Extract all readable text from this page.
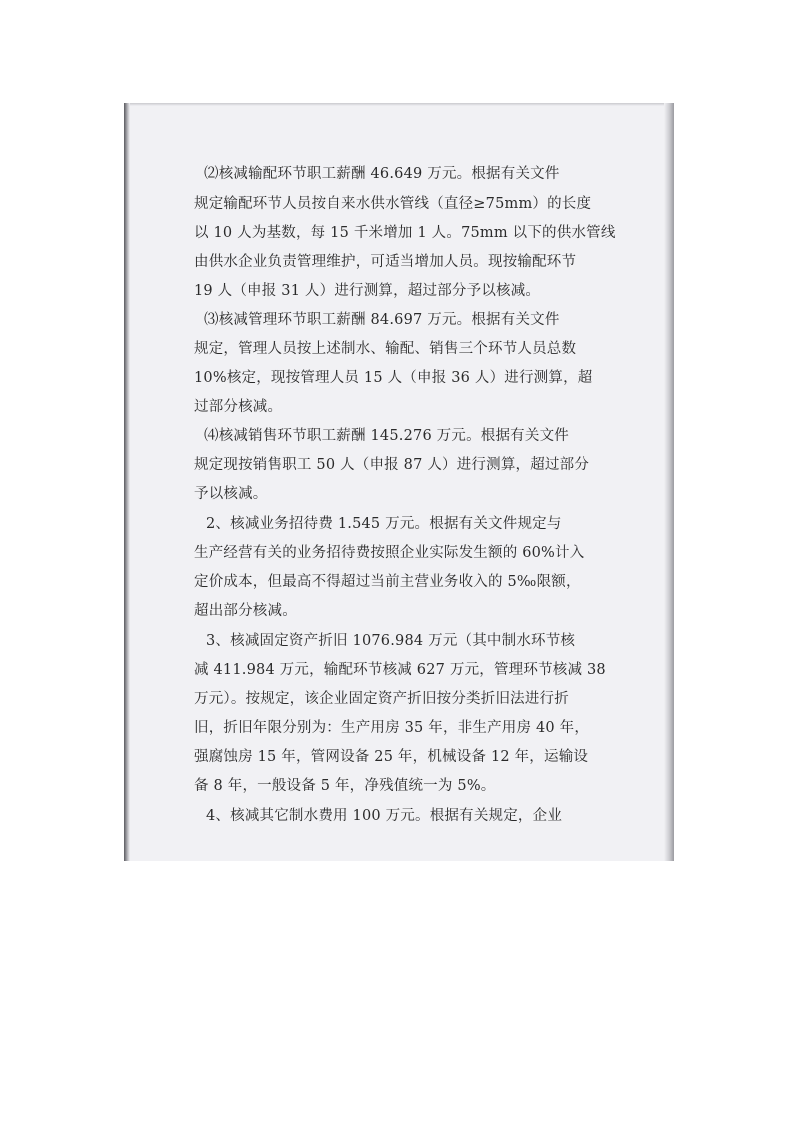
⑵核减输配环节职工薪酬 46.649 万元。根据有关文件
规定输配环节人员按自来水供水管线（直径≥75mm）的长度
以 10 人为基数，每 15 千米增加 1 人。75mm 以下的供水管线
由供水企业负责管理维护，可适当增加人员。现按输配环节
19 人（申报 31 人）进行测算，超过部分予以核减。
⑶核减管理环节职工薪酬 84.697 万元。根据有关文件
规定，管理人员按上述制水、输配、销售三个环节人员总数
10%核定，现按管理人员 15 人（申报 36 人）进行测算，超
过部分核减。
⑷核减销售环节职工薪酬 145.276 万元。根据有关文件
规定现按销售职工 50 人（申报 87 人）进行测算，超过部分
予以核减。
2、核减业务招待费 1.545 万元。根据有关文件规定与
生产经营有关的业务招待费按照企业实际发生额的 60%计入
定价成本，但最高不得超过当前主营业务收入的 5‰限额，
超出部分核减。
3、核减固定资产折旧 1076.984 万元（其中制水环节核
减 411.984 万元，输配环节核减 627 万元，管理环节核减 38
万元）。按规定，该企业固定资产折旧按分类折旧法进行折
旧，折旧年限分别为：生产用房 35 年，非生产用房 40 年，
强腐蚀房 15 年，管网设备 25 年，机械设备 12 年，运输设
备 8 年，一般设备 5 年，净残值统一为 5%。
4、核减其它制水费用 100 万元。根据有关规定，企业
